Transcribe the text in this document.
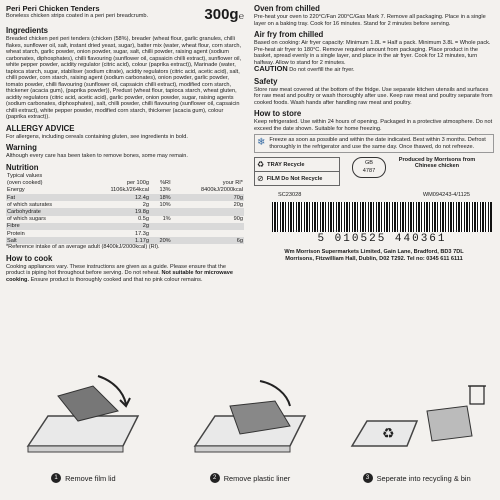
Peri Peri Chicken Tenders
Boneless chicken strips coated in a peri peri breadcrumb.	300g℮
Ingredients
Breaded chicken peri peri tenders (chicken (58%), breader (wheat flour, garlic granules, chilli flakes, sunflower oil, salt, instant dried yeast, sugar), batter mix (water, wheat flour, corn starch, wheat starch, garlic powder, onion powder, sugar, salt, chilli powder, raising agent (sodium carbonates, diphosphates), chilli flavouring (sunflower oil, capsaicin chilli extract), sunflower oil, white pepper powder, acidity regulator (citric acid), colour (paprika extract)), Marinade (water, tapioca starch, sugar, stabiliser (sodium citrate), acidity regulators (citric acid, acetic acid), salt, chilli powder, corn starch, raising agent (sodium carbonates), onion powder, garlic powder, tomato powder, chilli flavouring (sunflower oil, capsaicin chilli extract), modified corn starch, thickener (acacia gum), (paprika powder)), Predust (wheat flour, tapioca starch, wheat gluten, acidity regulators (citric acid, acetic acid), garlic powder, onion powder, sugar, raising agents (sodium carbonates, diphosphates), salt, chilli powder, chilli flavouring (sunflower oil, capsaicin chilli extract), white pepper powder, modified corn starch, thickener (acacia gum), colour (paprika extract)).
ALLERGY ADVICE
For allergens, including cereals containing gluten, see ingredients in bold.
Warning
Although every care has been taken to remove bones, some may remain.
Nutrition
Typical values			
(oven cooked)	per 100g	%RI	your RI*
Energy	1106kJ/264kcal	13%	8400kJ/2000kcal
Fat	12.4g	18%	70g
of which saturates	2g	10%	20g
Carbohydrate	19.8g		
of which sugars	0.5g	1%	90g
Fibre	2g		
Protein	17.3g		
Salt	1.17g	20%	6g
*Reference intake of an average adult (8400kJ/2000kcal) (RI).
How to cook
Cooking appliances vary. These instructions are given as a guide. Please ensure that the product is piping hot throughout before serving. Do not reheat. Not suitable for microwave cooking. Ensure product is thoroughly cooked and that no pink colour remains.
Oven from chilled
Pre-heat your oven to 220°C/Fan 200°C/Gas Mark 7. Remove all packaging. Place in a single layer on a baking tray. Cook for 16 minutes. Stand for 2 minutes before serving.
Air fry from chilled
Based on cooking: Air fryer capacity: Minimum 1.8L = Half a pack. Minimum 3.8L = Whole pack. Pre-heat air fryer to 180°C. Remove required amount from packaging. Place product in the basket, spread evenly in a single layer, and place in the air fryer. Cook for 12 minutes, turn halfway. Allow to stand for 2 minutes.
CAUTION Do not overfill the air fryer.
Safety
Store raw meat covered at the bottom of the fridge. Use separate kitchen utensils and surfaces for raw meat and poultry or wash thoroughly after use. Keep raw meat and poultry separate from cooked foods. Wash hands after handling raw meat and poultry.
How to store
Keep refrigerated. Use within 24 hours of opening. Packaged in a protective atmosphere. Do not exceed the date shown. Suitable for home freezing.
❄ Freeze as soon as possible and within the date indicated. Best within 3 months. Defrost thoroughly in the refrigerator and use the same day. Once thawed, do not refreeze.
♻ TRAY Recycle
⊘ FILM Do Not Recycle
GB
4787
Produced by Morrisons from Chinese chicken
SC23028	WM094243-4/1125
5 010525 440361
Wm Morrison Supermarkets Limited, Gain Lane, Bradford, BD3 7DL
Morrisons, Fitzwilliam Hall, Dublin, D02 T292. Tel no: 0345 611 6111
1 Remove film lid	2 Remove plastic liner
♻
3 Seperate into recycling & bin
